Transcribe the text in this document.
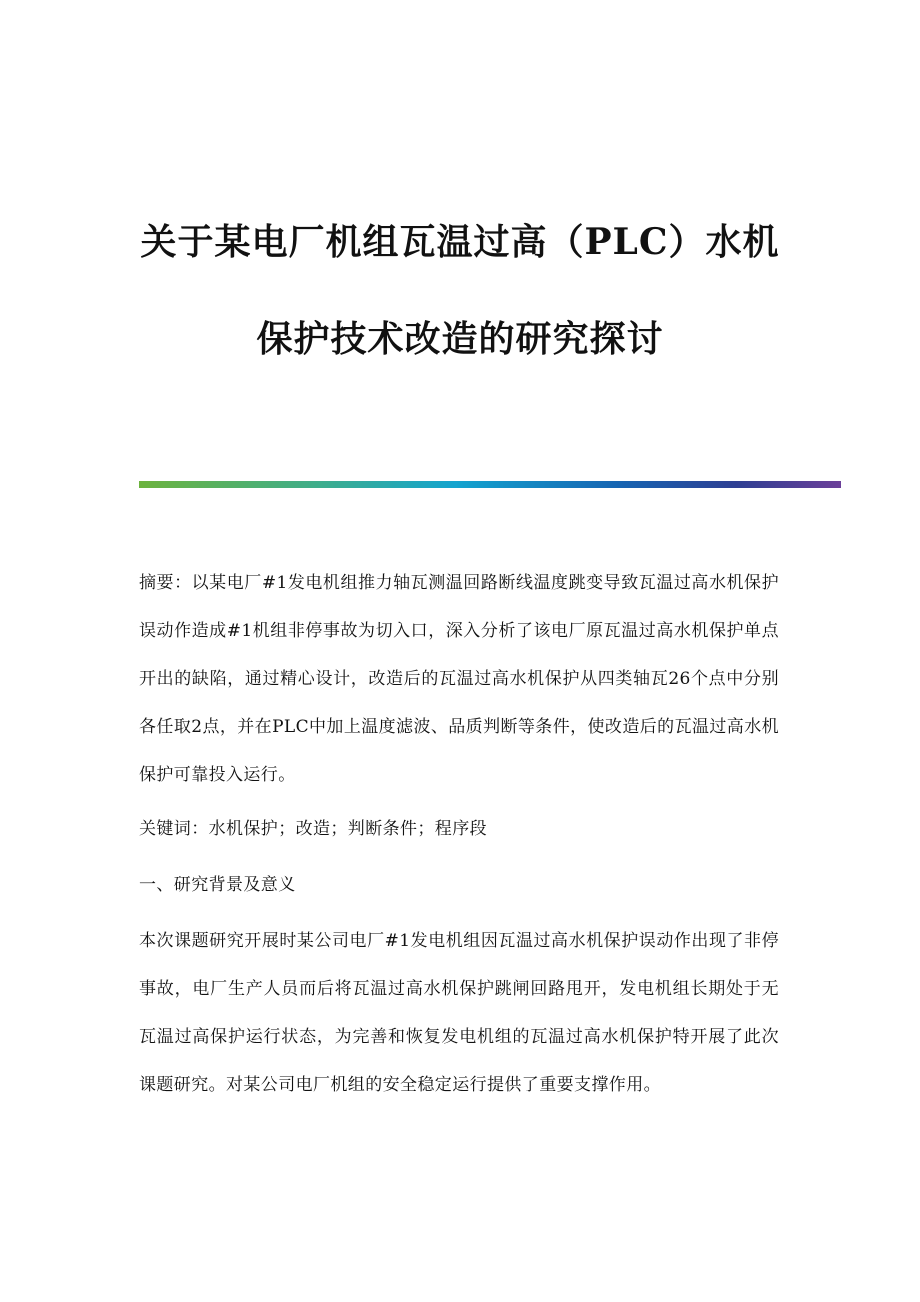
关于某电厂机组瓦温过高（PLC）水机
保护技术改造的研究探讨

摘要：以某电厂#1发电机组推力轴瓦测温回路断线温度跳变导致瓦温过高水机保护误动作造成#1机组非停事故为切入口，深入分析了该电厂原瓦温过高水机保护单点开出的缺陷，通过精心设计，改造后的瓦温过高水机保护从四类轴瓦26个点中分别各任取2点，并在PLC中加上温度滤波、品质判断等条件，使改造后的瓦温过高水机保护可靠投入运行。

关键词：水机保护；改造；判断条件；程序段

一、研究背景及意义

本次课题研究开展时某公司电厂#1发电机组因瓦温过高水机保护误动作出现了非停事故，电厂生产人员而后将瓦温过高水机保护跳闸回路甩开，发电机组长期处于无瓦温过高保护运行状态，为完善和恢复发电机组的瓦温过高水机保护特开展了此次课题研究。对某公司电厂机组的安全稳定运行提供了重要支撑作用。
